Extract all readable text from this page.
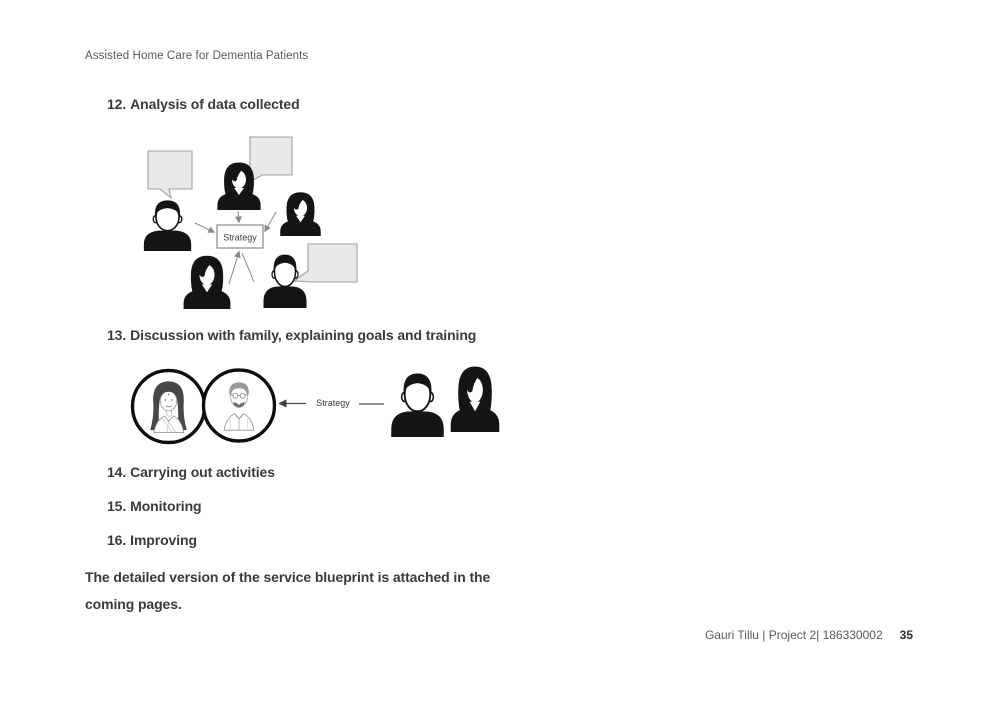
Assisted Home Care for Dementia Patients
12. Analysis of data collected
Strategy
13. Discussion with family, explaining goals and training
Strategy
14. Carrying out activities
15. Monitoring
16. Improving
The detailed version of the service blueprint is attached in the
coming pages.
Gauri Tillu | Project 2| 186330002 35
